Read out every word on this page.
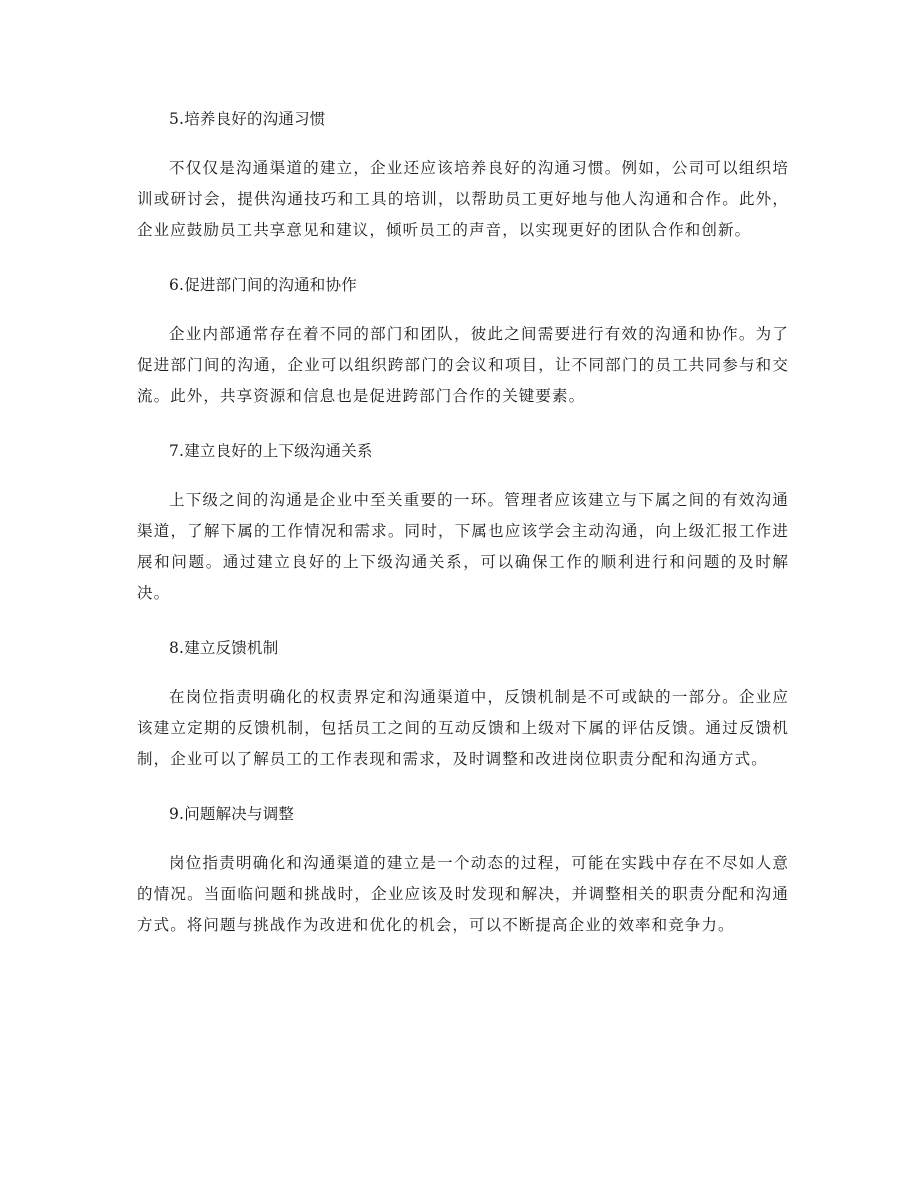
5.培养良好的沟通习惯

不仅仅是沟通渠道的建立，企业还应该培养良好的沟通习惯。例如，公司可以组织培训或研讨会，提供沟通技巧和工具的培训，以帮助员工更好地与他人沟通和合作。此外，企业应鼓励员工共享意见和建议，倾听员工的声音，以实现更好的团队合作和创新。

6.促进部门间的沟通和协作

企业内部通常存在着不同的部门和团队，彼此之间需要进行有效的沟通和协作。为了促进部门间的沟通，企业可以组织跨部门的会议和项目，让不同部门的员工共同参与和交流。此外，共享资源和信息也是促进跨部门合作的关键要素。

7.建立良好的上下级沟通关系

上下级之间的沟通是企业中至关重要的一环。管理者应该建立与下属之间的有效沟通渠道，了解下属的工作情况和需求。同时，下属也应该学会主动沟通，向上级汇报工作进展和问题。通过建立良好的上下级沟通关系，可以确保工作的顺利进行和问题的及时解决。

8.建立反馈机制

在岗位指责明确化的权责界定和沟通渠道中，反馈机制是不可或缺的一部分。企业应该建立定期的反馈机制，包括员工之间的互动反馈和上级对下属的评估反馈。通过反馈机制，企业可以了解员工的工作表现和需求，及时调整和改进岗位职责分配和沟通方式。

9.问题解决与调整

岗位指责明确化和沟通渠道的建立是一个动态的过程，可能在实践中存在不尽如人意的情况。当面临问题和挑战时，企业应该及时发现和解决，并调整相关的职责分配和沟通方式。将问题与挑战作为改进和优化的机会，可以不断提高企业的效率和竞争力。
